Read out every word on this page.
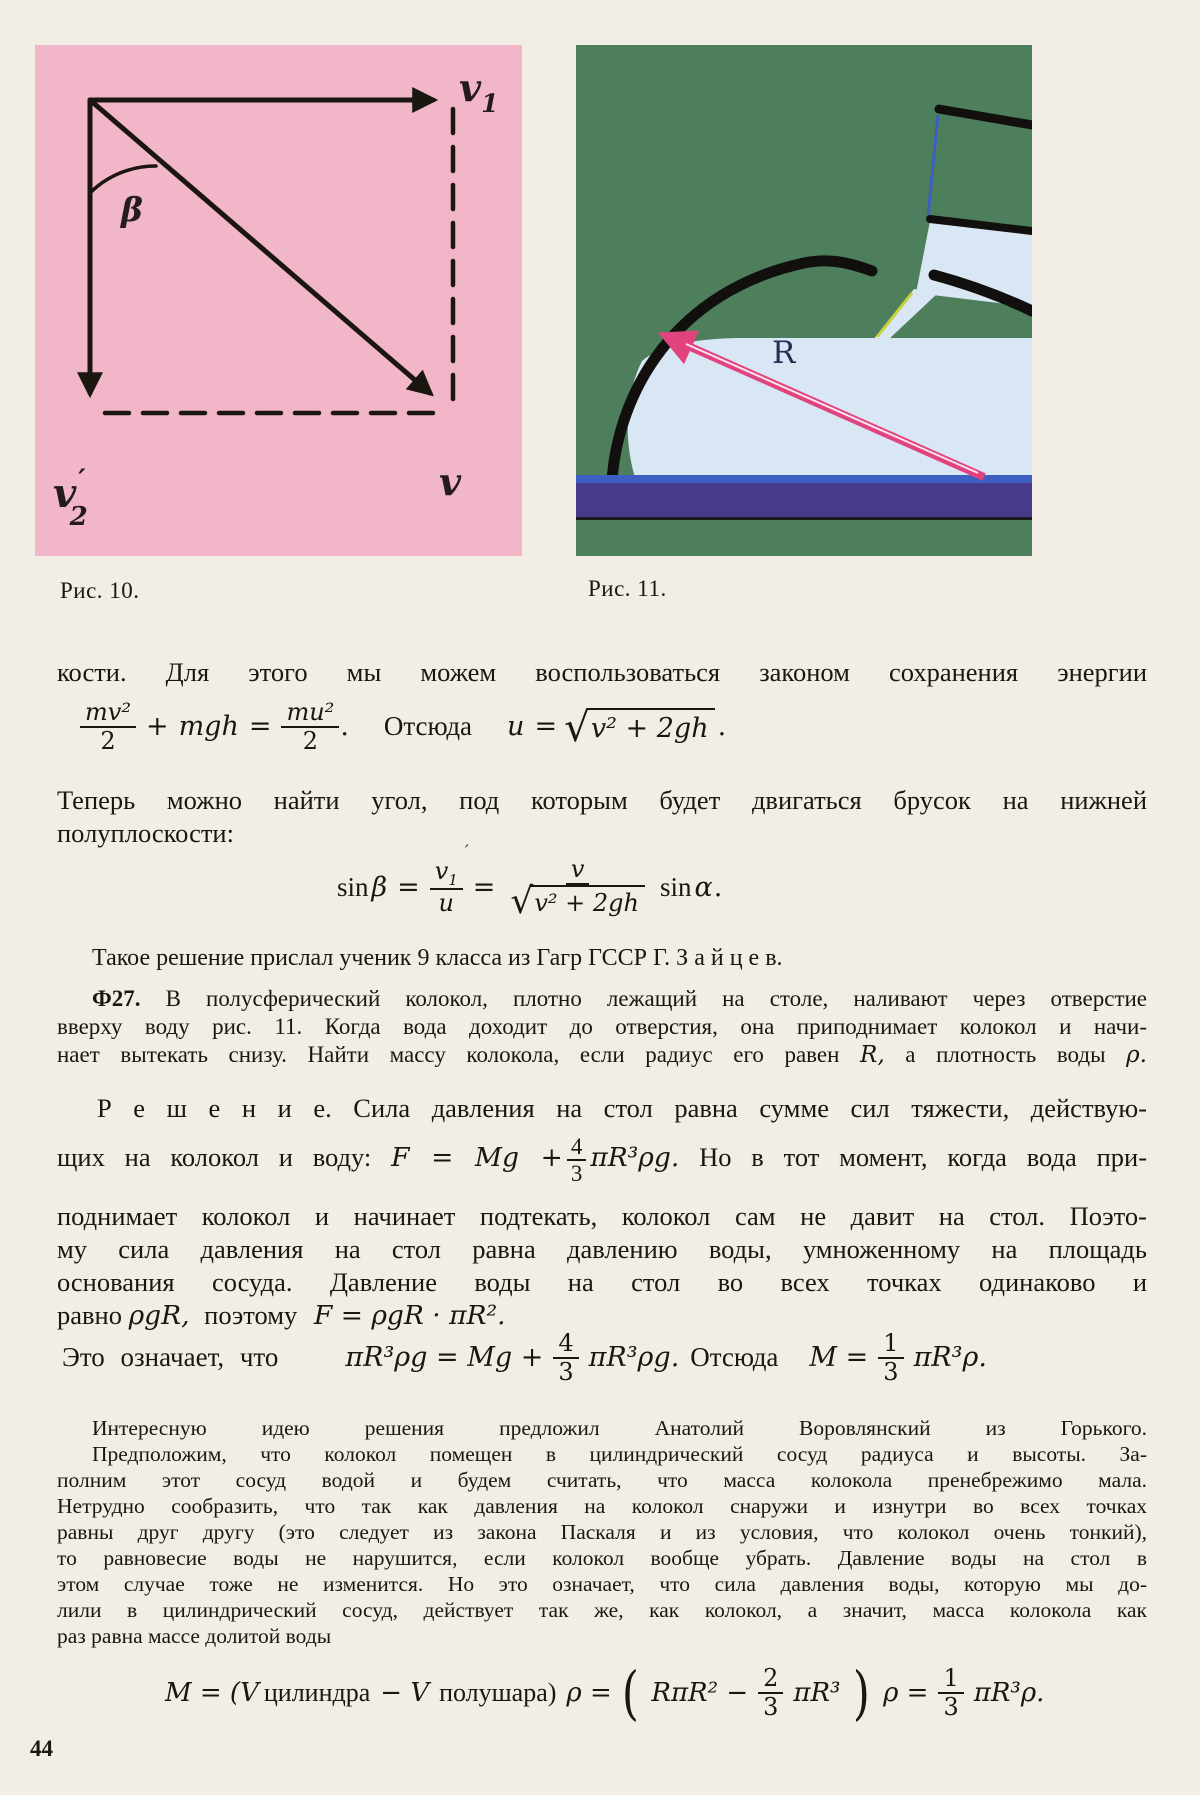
$v_1$
v′ 2
v
β
R
Рис. 10.	Рис. 11.
кости. Для этого мы можем воспользоваться законом сохранения энергии
$\frac{\text{mv²}}{2}$ + mgh = $\frac{\text{mu²}}{2}$ . Отсюда u = √ v² + 2gh .
Теперь можно найти угол, под которым будет двигаться брусок на нижней
полуплоскости:
$\sin \beta = v_1$
′
$u = \frac{v}{\text{√ v² + 2gh}}$ sin α .
Такое решение прислал ученик 9 класса из Гагр ГССР Г. З а й ц е в.
Ф27. В полусферический колокол, плотно лежащий на столе, наливают через отверстие
вверху воду рис. 11. Когда вода доходит до отверстия, она приподнимает колокол и начи-
нает вытекать снизу. Найти массу колокола, если радиус его равен R, а плотность воды ρ.
Р е ш е н и е. Сила давления на стол равна сумме сил тяжести, действую-
щих на колокол и воду: $F = Mg + \frac{4}{3} \pi R^3\rho g$. Но в тот момент, когда вода при-
поднимает колокол и начинает подтекать, колокол сам не давит на стол. Поэто-
му сила давления на стол равна давлению воды, умноженному на площадь
основания сосуда. Давление воды на стол во всех точках одинаково и
равно ρgR, поэтому F = ρgR · πR².
Это означает, что $\pi R^3\rho g = Mg + \frac{4}{3} \pi R^3\rho g$. Отсюда $M = \frac{1}{3} \pi R^3\rho$.
Интересную идею решения предложил Анатолий Воровлянский из Горького.
Предположим, что колокол помещен в цилиндрический сосуд радиуса и высоты. За-
полним этот сосуд водой и будем считать, что масса колокола пренебрежимо мала.
Нетрудно сообразить, что так как давления на колокол снаружи и изнутри во всех точках
равны друг другу (это следует из закона Паскаля и из условия, что колокол очень тонкий),
то равновесие воды не нарушится, если колокол вообще убрать. Давление воды на стол в
этом случае тоже не изменится. Но это означает, что сила давления воды, которую мы до-
лили в цилиндрический сосуд, действует так же, как колокол, а значит, масса колокола как
раз равна массе долитой воды
M = (V цилиндра − V полушара) ρ = ( $R\pi R^2 - \frac{2}{3} \pi R^3$ ) $\rho = \frac{1}{3} \pi R^3\rho$.
44
